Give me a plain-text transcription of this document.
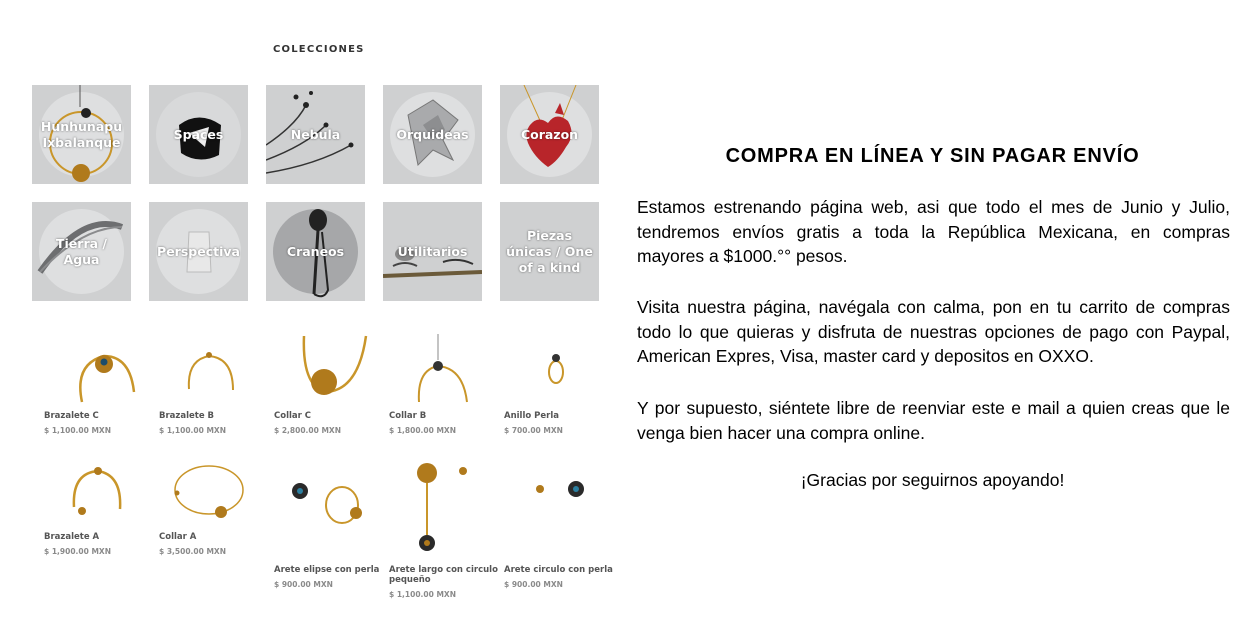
COLECCIONES
Hunhunapu Ixbalanque
Spaces	Nebula	Orquideas	Corazon
Tierra / Agua
Perspectiva	Craneos	Utilitarios
Piezas únicas / One of a kind
Brazalete C
$ 1,100.00 MXN
Brazalete B
$ 1,100.00 MXN
Collar C
$ 2,800.00 MXN
Collar B
$ 1,800.00 MXN
Anillo Perla
$ 700.00 MXN
Brazalete A
$ 1,900.00 MXN
Collar A
$ 3,500.00 MXN
Arete elipse con perla
$ 900.00 MXN
Arete largo con circulo pequeño
$ 1,100.00 MXN
Arete circulo con perla
$ 900.00 MXN
COMPRA EN LÍNEA Y SIN PAGAR ENVÍO
Estamos estrenando página web, asi que todo el mes de Junio y Julio, tendremos envíos gratis a toda la República Mexicana, en compras mayores a $1000.°° pesos.
Visita nuestra página, navégala con calma, pon en tu carrito de compras todo lo que quieras y disfruta de nuestras opciones de pago con Paypal, American Expres, Visa, master card y depositos en OXXO.
Y por supuesto, siéntete libre de reenviar este e mail a quien creas que le venga bien hacer una compra online.
¡Gracias por seguirnos apoyando!
